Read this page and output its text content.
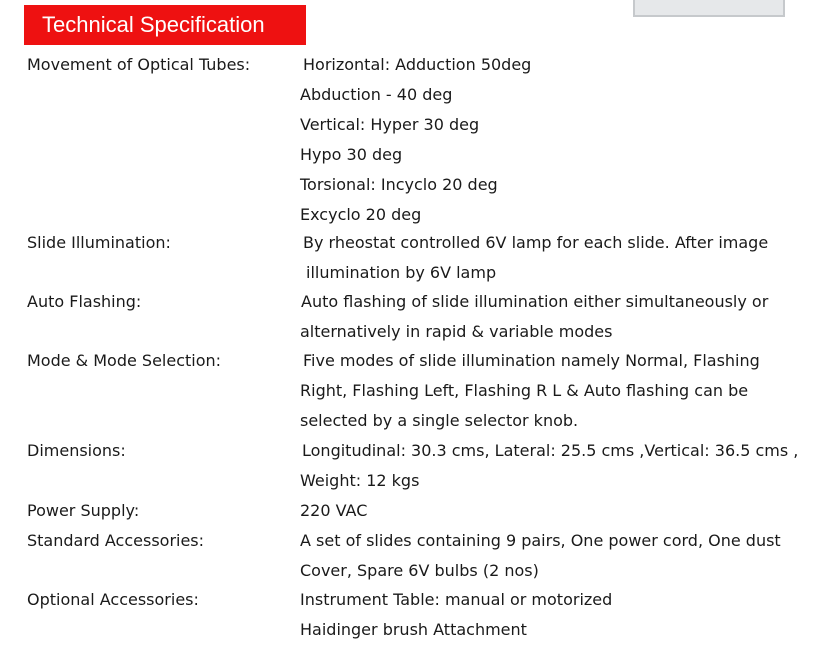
Technical Specification
Movement of Optical Tubes:	Horizontal: Adduction 50deg
Abduction - 40 deg
Vertical: Hyper 30 deg
Hypo 30 deg
Torsional: Incyclo 20 deg
Excyclo 20 deg
Slide Illumination:	By rheostat controlled 6V lamp for each slide. After image
illumination by 6V lamp
Auto Flashing:	Auto flashing of slide illumination either simultaneously or
alternatively in rapid & variable modes
Mode & Mode Selection:	Five modes of slide illumination namely Normal, Flashing
Right, Flashing Left, Flashing R L & Auto flashing can be
selected by a single selector knob.
Dimensions:	Longitudinal: 30.3 cms, Lateral: 25.5 cms ,Vertical: 36.5 cms ,
Weight: 12 kgs
Power Supply:	220 VAC
Standard Accessories:	A set of slides containing 9 pairs, One power cord, One dust
Cover, Spare 6V bulbs (2 nos)
Optional Accessories:	Instrument Table: manual or motorized
Haidinger brush Attachment
